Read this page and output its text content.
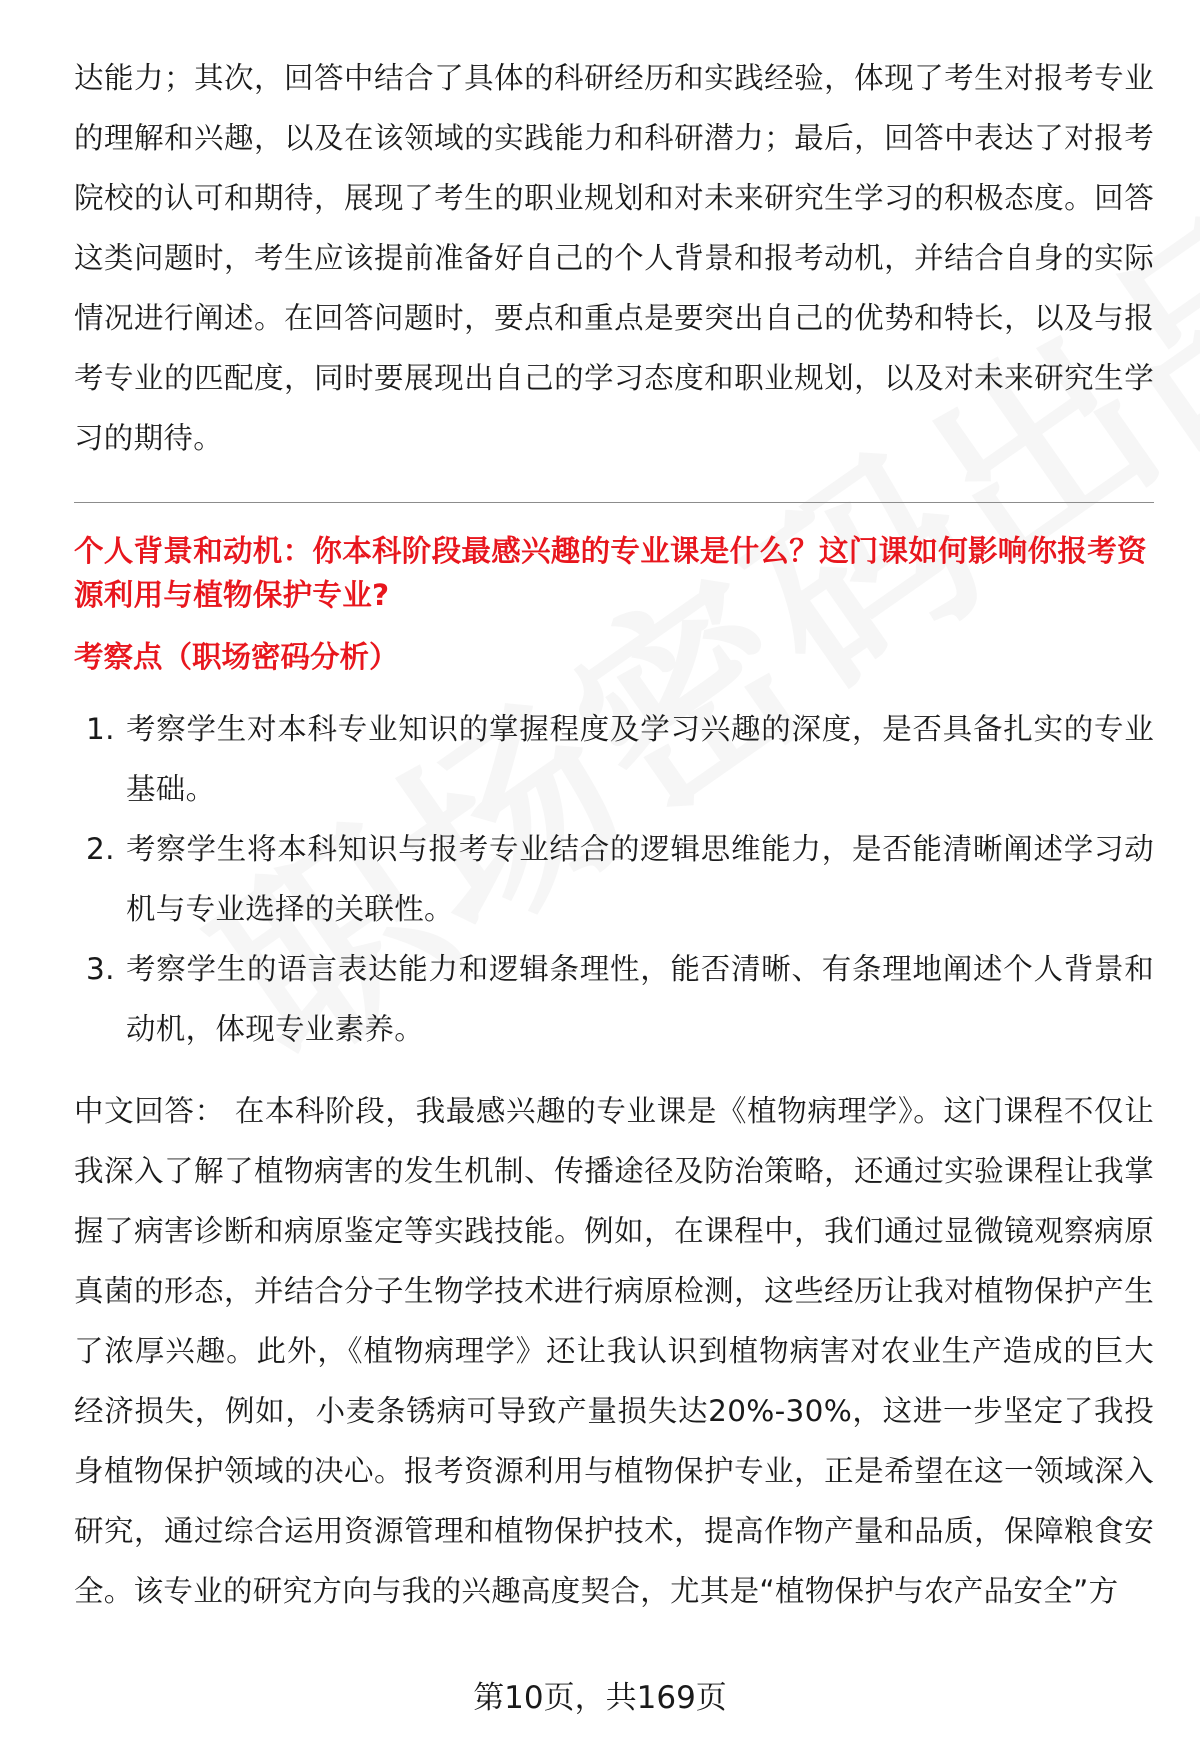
达能力；其次，回答中结合了具体的科研经历和实践经验，体现了考生对报考专业的理解和兴趣，以及在该领域的实践能力和科研潜力；最后，回答中表达了对报考院校的认可和期待，展现了考生的职业规划和对未来研究生学习的积极态度。回答这类问题时，考生应该提前准备好自己的个人背景和报考动机，并结合自身的实际情况进行阐述。在回答问题时，要点和重点是要突出自己的优势和特长，以及与报考专业的匹配度，同时要展现出自己的学习态度和职业规划，以及对未来研究生学习的期待。

个人背景和动机：你本科阶段最感兴趣的专业课是什么？这门课如何影响你报考资源利用与植物保护专业?

考察点（职场密码分析）

1. 考察学生对本科专业知识的掌握程度及学习兴趣的深度，是否具备扎实的专业基础。
2. 考察学生将本科知识与报考专业结合的逻辑思维能力，是否能清晰阐述学习动机与专业选择的关联性。
3. 考察学生的语言表达能力和逻辑条理性，能否清晰、有条理地阐述个人背景和动机，体现专业素养。

中文回答： 在本科阶段，我最感兴趣的专业课是《植物病理学》。这门课程不仅让我深入了解了植物病害的发生机制、传播途径及防治策略，还通过实验课程让我掌握了病害诊断和病原鉴定等实践技能。例如，在课程中，我们通过显微镜观察病原真菌的形态，并结合分子生物学技术进行病原检测，这些经历让我对植物保护产生了浓厚兴趣。此外，《植物病理学》还让我认识到植物病害对农业生产造成的巨大经济损失，例如，小麦条锈病可导致产量损失达20%-30%，这进一步坚定了我投身植物保护领域的决心。报考资源利用与植物保护专业，正是希望在这一领域深入研究，通过综合运用资源管理和植物保护技术，提高作物产量和品质，保障粮食安全。该专业的研究方向与我的兴趣高度契合，尤其是“植物保护与农产品安全”方

第10页，共169页
